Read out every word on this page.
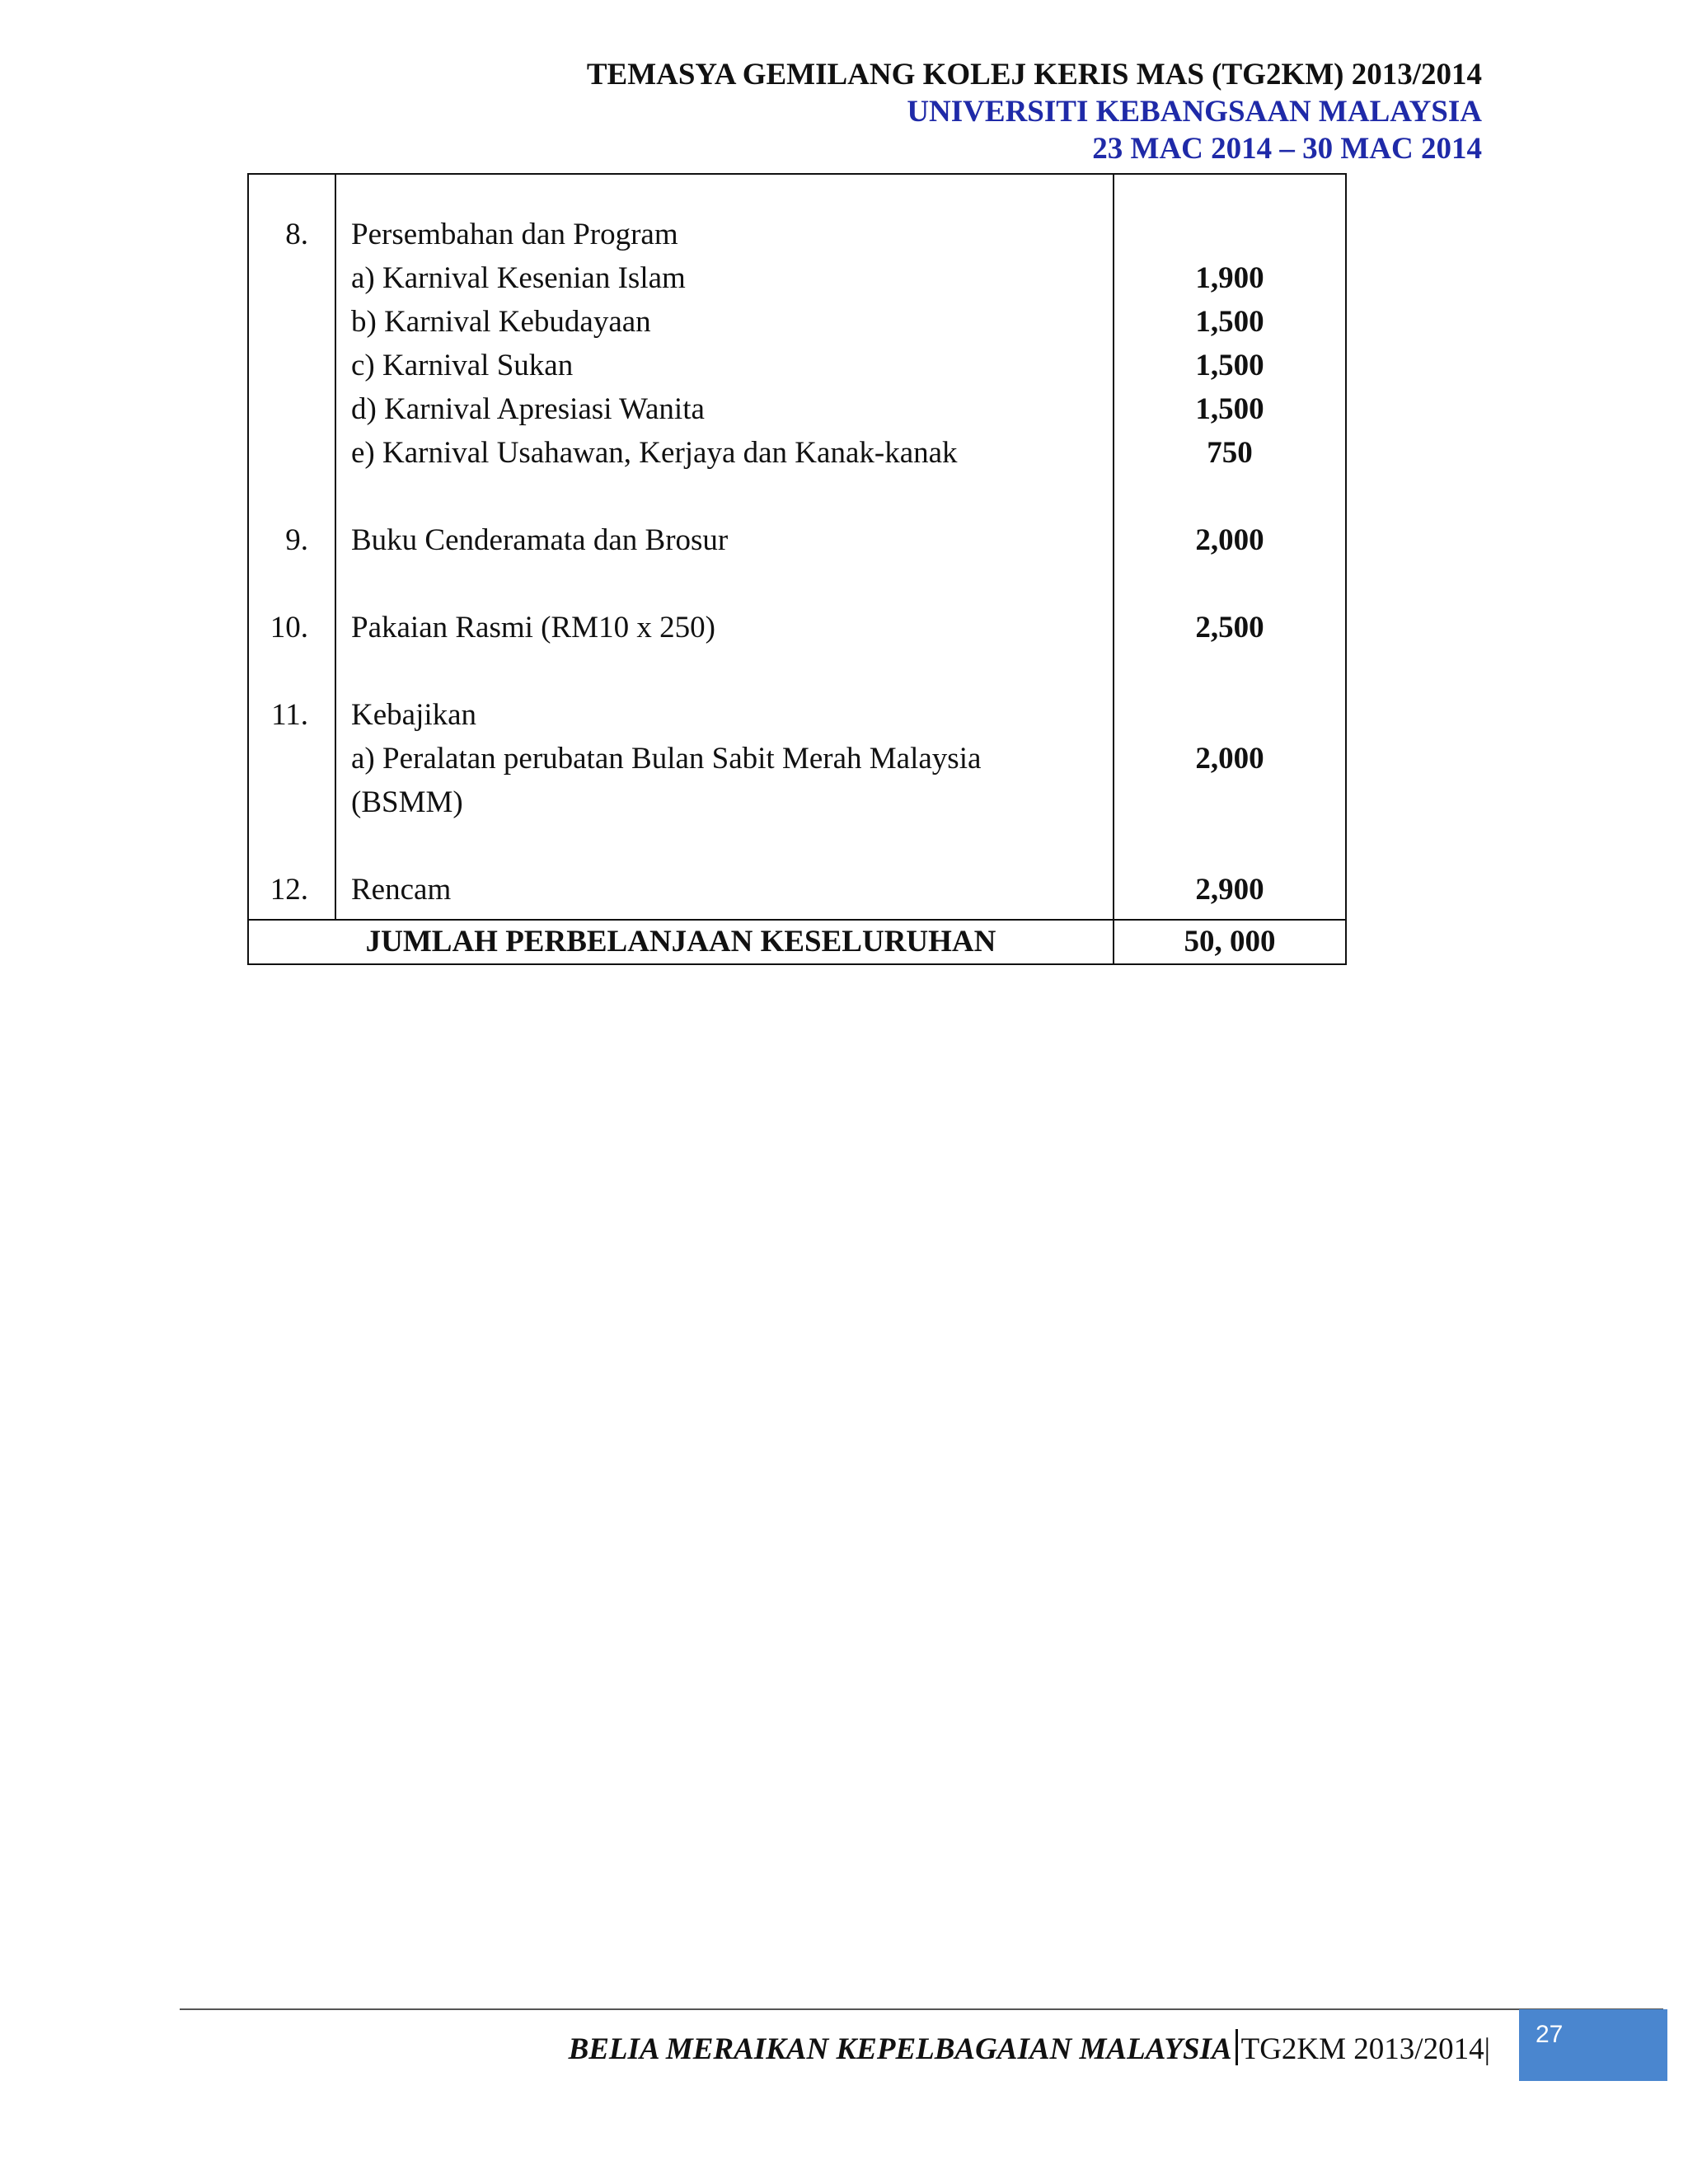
TEMASYA GEMILANG KOLEJ KERIS MAS (TG2KM) 2013/2014
UNIVERSITI KEBANGSAAN MALAYSIA
23 MAC 2014 – 30 MAC 2014
8. Persembahan dan Program
a) Karnival Kesenian Islam	1,900
b) Karnival Kebudayaan	1,500
c) Karnival Sukan	1,500
d) Karnival Apresiasi Wanita	1,500
e) Karnival Usahawan, Kerjaya dan Kanak-kanak	750
9. Buku Cenderamata dan Brosur	2,000
10. Pakaian Rasmi (RM10 x 250)	2,500
11. Kebajikan
a) Peralatan perubatan Bulan Sabit Merah Malaysia	2,000
(BSMM)
12. Rencam	2,900
JUMLAH PERBELANJAAN KESELURUHAN	50, 000
BELIA MERAIKAN KEPELBAGAIAN MALAYSIA TG2KM 2013/2014| 27
